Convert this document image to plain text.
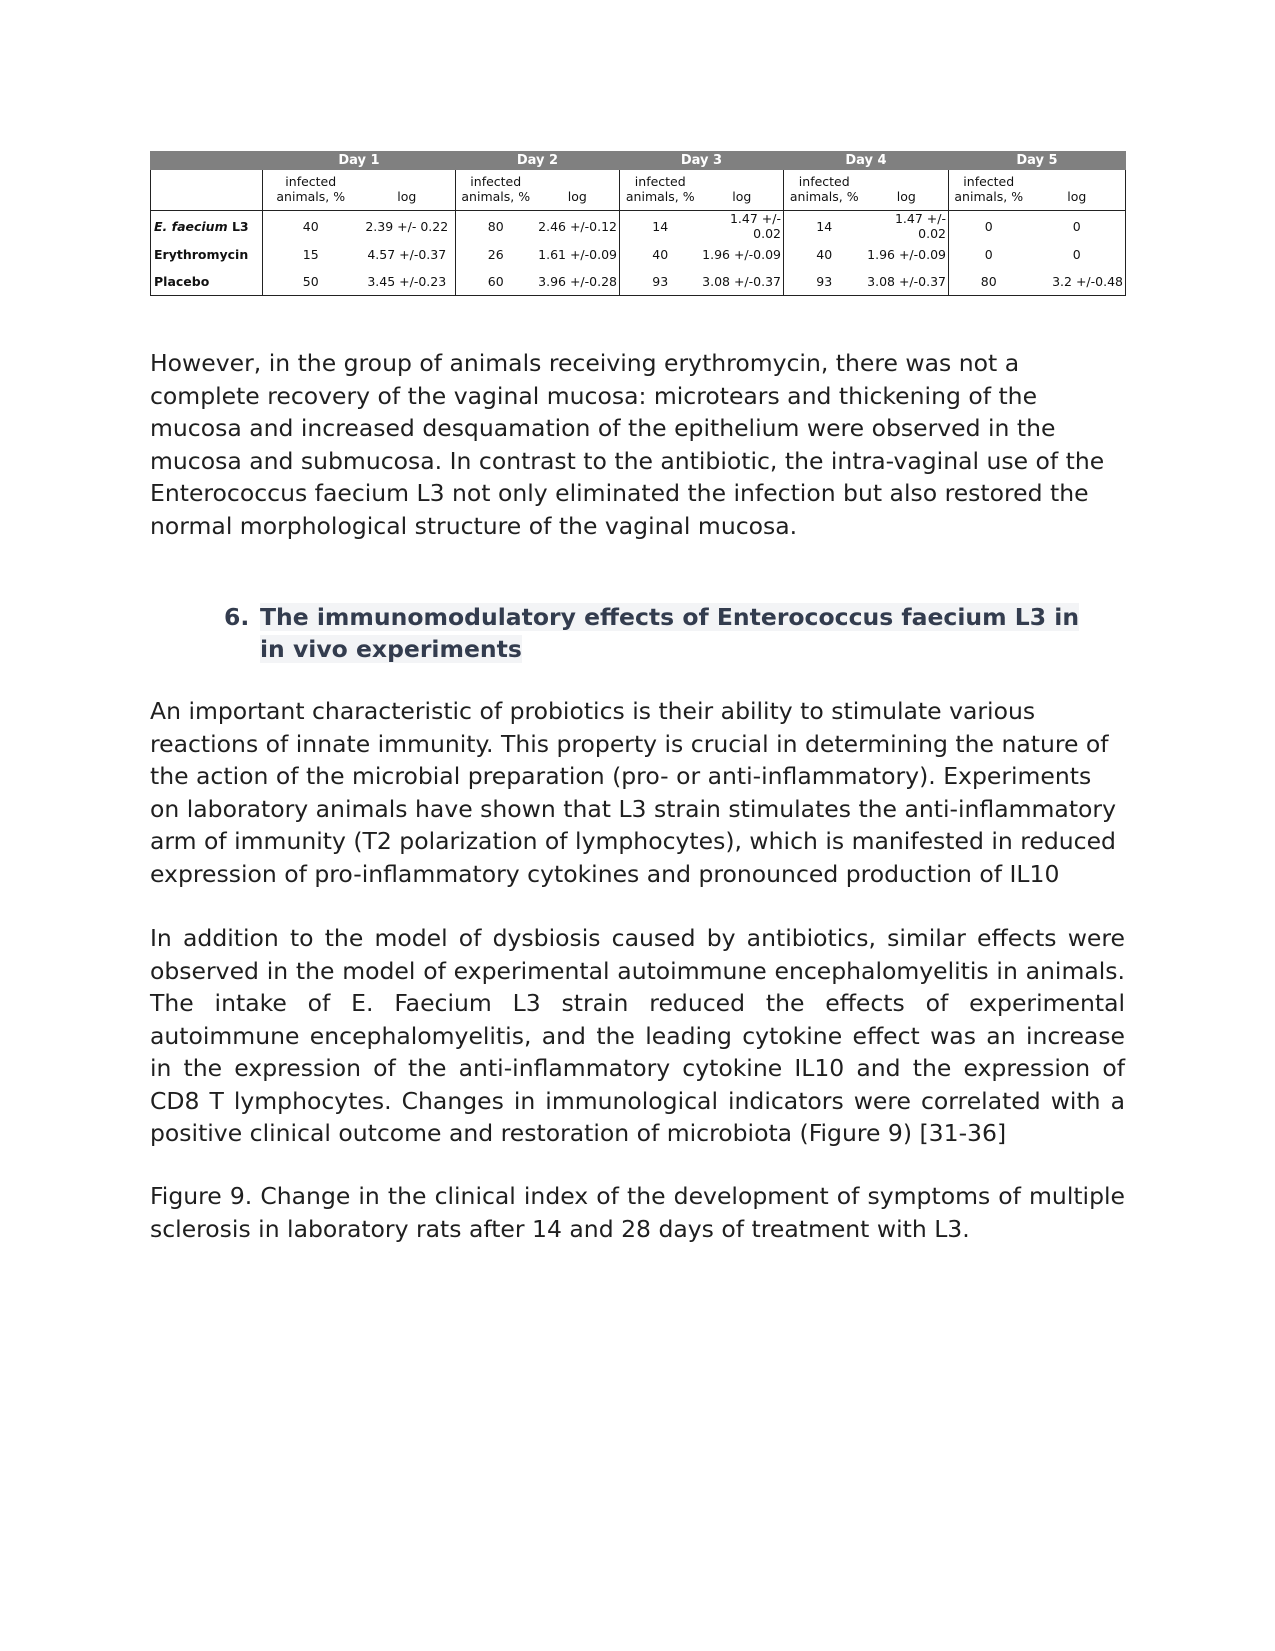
	Day 1		Day 2		Day 3		Day 4		Day 5	
	infected		infected		infected		infected		infected	
	animals, %	log	animals, %	log	animals, %	log	animals, %	log	animals, %	log
E. faecium L3	40	2.39 +/- 0.22	80	2.46 +/-0.12	14	1.47 +/- 0.02	14	1.47 +/- 0.02	0	0
Erythromycin	15	4.57 +/-0.37	26	1.61 +/-0.09	40	1.96 +/-0.09	40	1.96 +/-0.09	0	0
Placebo	50	3.45 +/-0.23	60	3.96 +/-0.28	93	3.08 +/-0.37	93	3.08 +/-0.37	80	3.2 +/-0.48

However, in the group of animals receiving erythromycin, there was not a complete recovery of the vaginal mucosa: microtears and thickening of the mucosa and increased desquamation of the epithelium were observed in the mucosa and submucosa. In contrast to the antibiotic, the intra-vaginal use of the Enterococcus faecium L3 not only eliminated the infection but also restored the normal morphological structure of the vaginal mucosa.

6. The immunomodulatory effects of Enterococcus faecium L3 in in vivo experiments

An important characteristic of probiotics is their ability to stimulate various reactions of innate immunity. This property is crucial in determining the nature of the action of the microbial preparation (pro- or anti-inflammatory). Experiments on laboratory animals have shown that L3 strain stimulates the anti-inflammatory arm of immunity (T2 polarization of lymphocytes), which is manifested in reduced expression of pro-inflammatory cytokines and pronounced production of IL10

In addition to the model of dysbiosis caused by antibiotics, similar effects were observed in the model of experimental autoimmune encephalomyelitis in animals. The intake of E. Faecium L3 strain reduced the effects of experimental autoimmune encephalomyelitis, and the leading cytokine effect was an increase in the expression of the anti-inflammatory cytokine IL10 and the expression of CD8 T lymphocytes. Changes in immunological indicators were correlated with a positive clinical outcome and restoration of microbiota (Figure 9) [31-36]

Figure 9. Change in the clinical index of the development of symptoms of multiple sclerosis in laboratory rats after 14 and 28 days of treatment with L3.
